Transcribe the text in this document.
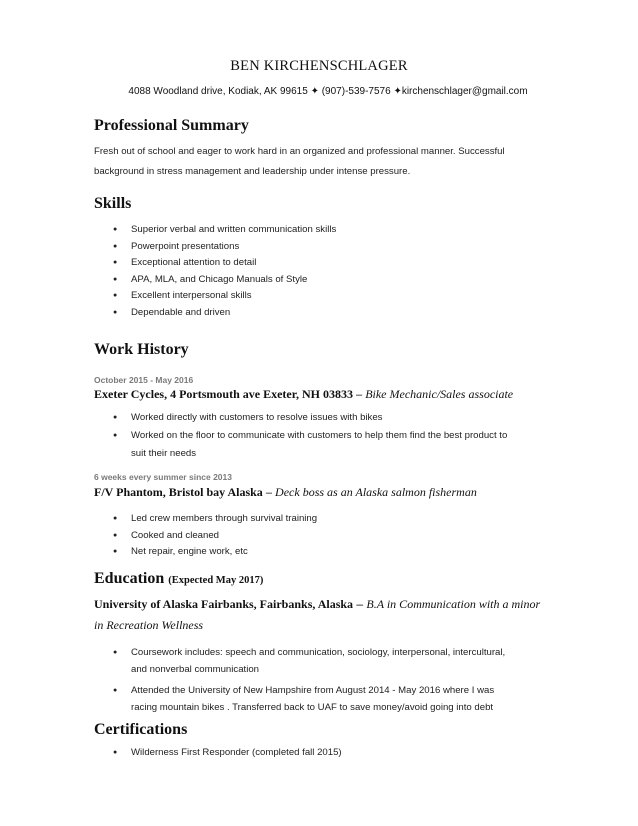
BEN KIRCHENSCHLAGER
4088 Woodland drive, Kodiak, AK 99615 ✦ (907)-539-7576 ✦kirchenschlager@gmail.com
Professional Summary
Fresh out of school and eager to work hard in an organized and professional manner. Successful
background in stress management and leadership under intense pressure.
Skills
● Superior verbal and written communication skills
● Powerpoint presentations
● Exceptional attention to detail
● APA, MLA, and Chicago Manuals of Style
● Excellent interpersonal skills
● Dependable and driven
Work History
October 2015 - May 2016
Exeter Cycles, 4 Portsmouth ave Exeter, NH 03833 – Bike Mechanic/Sales associate
● Worked directly with customers to resolve issues with bikes
● Worked on the floor to communicate with customers to help them find the best product to
suit their needs
6 weeks every summer since 2013
F/V Phantom, Bristol bay Alaska – Deck boss as an Alaska salmon fisherman
● Led crew members through survival training
● Cooked and cleaned
● Net repair, engine work, etc
Education (Expected May 2017)
University of Alaska Fairbanks, Fairbanks, Alaska – B.A in Communication with a minor
in Recreation Wellness
● Coursework includes: speech and communication, sociology, interpersonal, intercultural,
and nonverbal communication
● Attended the University of New Hampshire from August 2014 - May 2016 where I was
racing mountain bikes . Transferred back to UAF to save money/avoid going into debt
Certifications
● Wilderness First Responder (completed fall 2015)
